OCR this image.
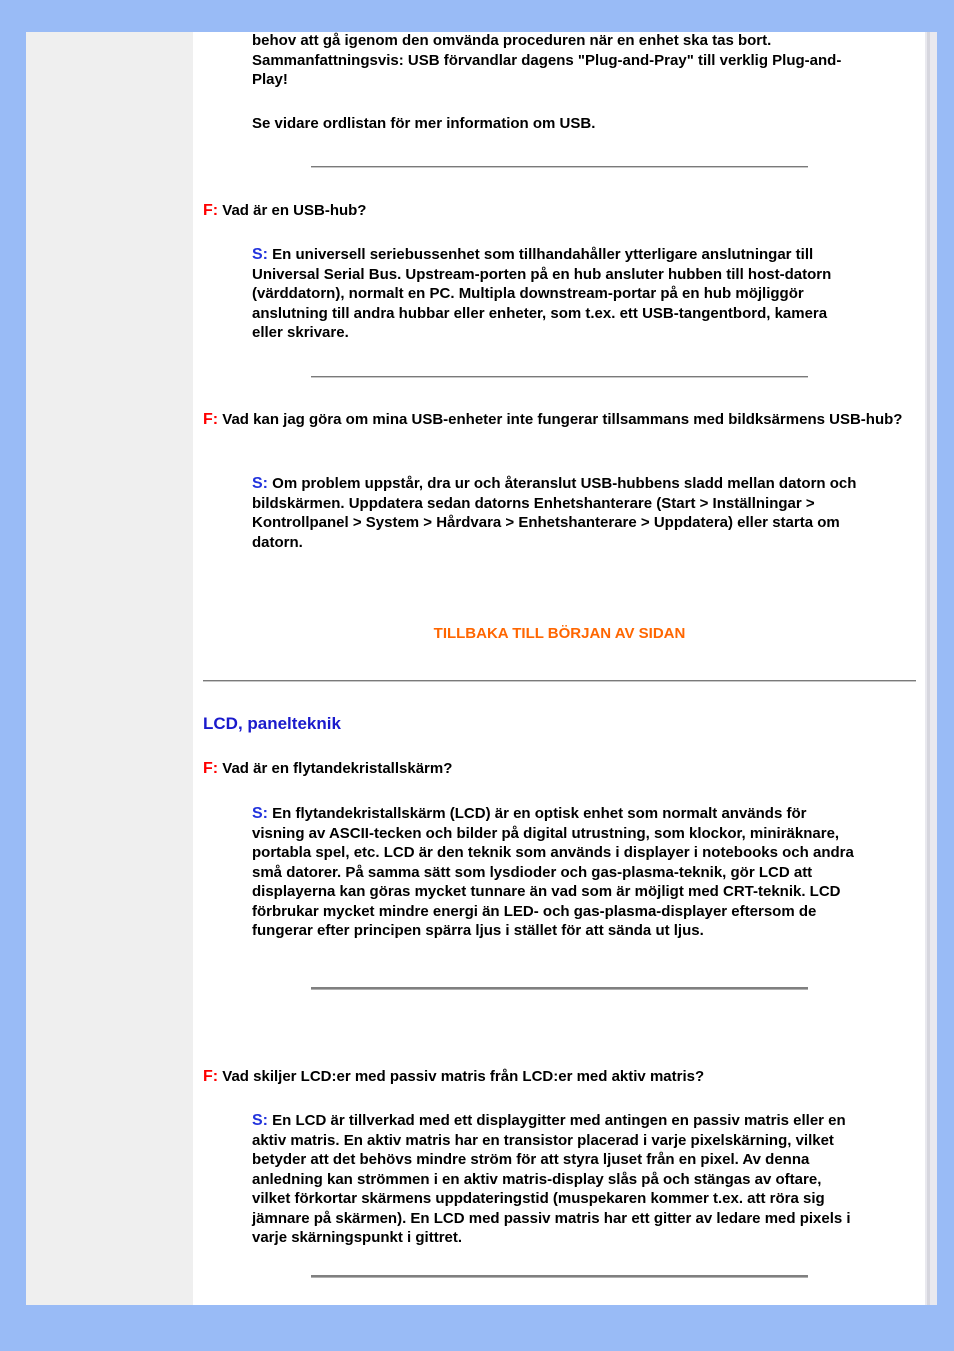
behov att gå igenom den omvända proceduren när en enhet ska tas bort.
Sammanfattningsvis: USB förvandlar dagens "Plug-and-Pray" till verklig Plug-and-Play!

Se vidare ordlistan för mer information om USB.

F: Vad är en USB-hub?

S: En universell seriebussenhet som tillhandahåller ytterligare anslutningar till Universal Serial Bus. Upstream-porten på en hub ansluter hubben till host-datorn (värddatorn), normalt en PC. Multipla downstream-portar på en hub möjliggör anslutning till andra hubbar eller enheter, som t.ex. ett USB-tangentbord, kamera eller skrivare.

F: Vad kan jag göra om mina USB-enheter inte fungerar tillsammans med bildksärmens USB-hub?

S: Om problem uppstår, dra ur och återanslut USB-hubbens sladd mellan datorn och bildskärmen. Uppdatera sedan datorns Enhetshanterare (Start > Inställningar > Kontrollpanel > System > Hårdvara > Enhetshanterare > Uppdatera) eller starta om datorn.

TILLBAKA TILL BÖRJAN AV SIDAN
LCD, panelteknik

F: Vad är en flytandekristallskärm?

S: En flytandekristallskärm (LCD) är en optisk enhet som normalt används för visning av ASCII-tecken och bilder på digital utrustning, som klockor, miniräknare, portabla spel, etc. LCD är den teknik som används i displayer i notebooks och andra små datorer. På samma sätt som lysdioder och gas-plasma-teknik, gör LCD att displayerna kan göras mycket tunnare än vad som är möjligt med CRT-teknik. LCD förbrukar mycket mindre energi än LED- och gas-plasma-displayer eftersom de fungerar efter principen spärra ljus i stället för att sända ut ljus.

F: Vad skiljer LCD:er med passiv matris från LCD:er med aktiv matris?

S: En LCD är tillverkad med ett displaygitter med antingen en passiv matris eller en aktiv matris. En aktiv matris har en transistor placerad i varje pixelskärning, vilket betyder att det behövs mindre ström för att styra ljuset från en pixel. Av denna anledning kan strömmen i en aktiv matris-display slås på och stängas av oftare, vilket förkortar skärmens uppdateringstid (muspekaren kommer t.ex. att röra sig jämnare på skärmen). En LCD med passiv matris har ett gitter av ledare med pixels i varje skärningspunkt i gittret.
